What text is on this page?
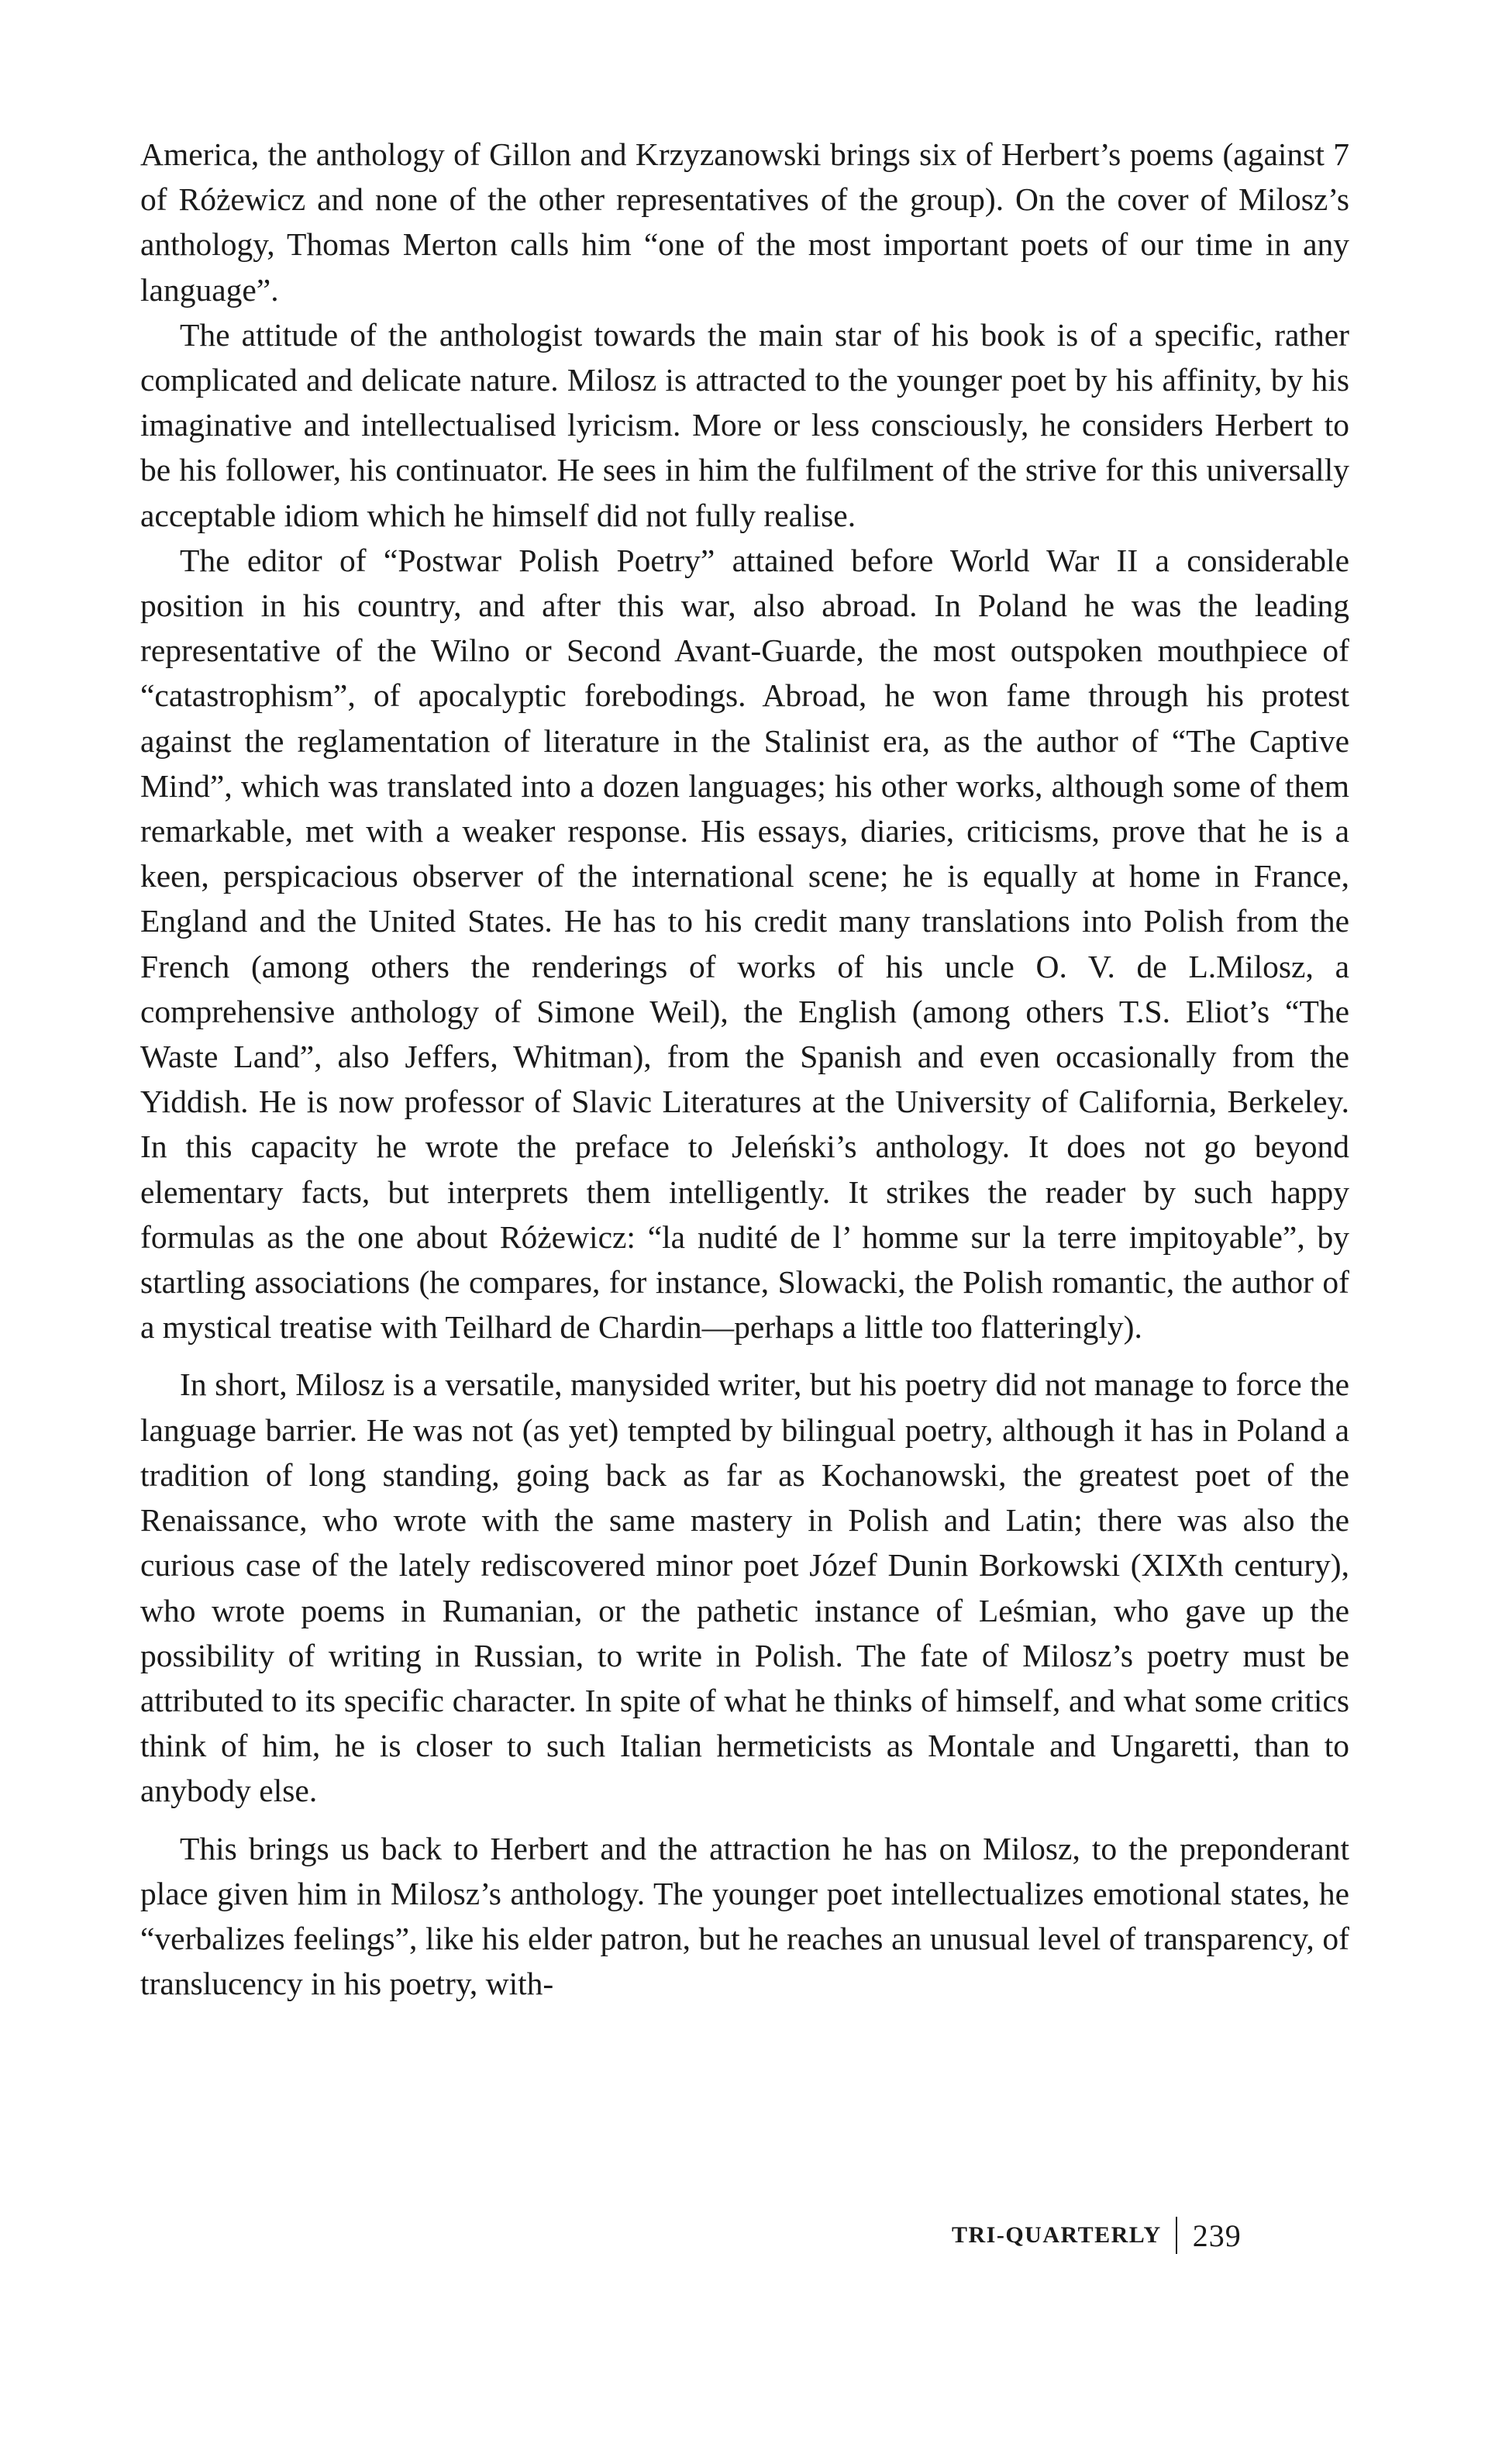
America, the anthology of Gillon and Krzyzanowski brings six of Herbert’s poems (against 7 of Różewicz and none of the other representatives of the group). On the cover of Milosz’s anthology, Thomas Merton calls him “one of the most important poets of our time in any language”.

The attitude of the anthologist towards the main star of his book is of a specific, rather complicated and delicate nature. Milosz is attracted to the younger poet by his affinity, by his imaginative and intellectualised lyricism. More or less consciously, he considers Herbert to be his follower, his continuator. He sees in him the fulfilment of the strive for this universally acceptable idiom which he himself did not fully realise.

The editor of “Postwar Polish Poetry” attained before World War II a considerable position in his country, and after this war, also abroad. In Poland he was the leading representative of the Wilno or Second Avant-Guarde, the most outspoken mouthpiece of “catastrophism”, of apocalyptic forebodings. Abroad, he won fame through his protest against the reglamentation of literature in the Stalinist era, as the author of “The Captive Mind”, which was translated into a dozen languages; his other works, although some of them remarkable, met with a weaker response. His essays, diaries, criticisms, prove that he is a keen, perspicacious observer of the international scene; he is equally at home in France, England and the United States. He has to his credit many translations into Polish from the French (among others the renderings of works of his uncle O. V. de L.Milosz, a comprehensive anthology of Simone Weil), the English (among others T.S. Eliot’s “The Waste Land”, also Jeffers, Whitman), from the Spanish and even occasionally from the Yiddish. He is now professor of Slavic Literatures at the University of California, Berkeley. In this capacity he wrote the preface to Jeleński’s anthology. It does not go beyond elementary facts, but interprets them intelligently. It strikes the reader by such happy formulas as the one about Różewicz: “la nudité de l’ homme sur la terre impitoyable”, by startling associations (he compares, for instance, Slowacki, the Polish romantic, the author of a mystical treatise with Teilhard de Chardin—perhaps a little too flatteringly).

In short, Milosz is a versatile, manysided writer, but his poetry did not manage to force the language barrier. He was not (as yet) tempted by bilingual poetry, although it has in Poland a tradition of long standing, going back as far as Kochanowski, the greatest poet of the Renaissance, who wrote with the same mastery in Polish and Latin; there was also the curious case of the lately rediscovered minor poet Józef Dunin Borkowski (XIXth century), who wrote poems in Rumanian, or the pathetic instance of Leśmian, who gave up the possibility of writing in Russian, to write in Polish. The fate of Milosz’s poetry must be attributed to its specific character. In spite of what he thinks of himself, and what some critics think of him, he is closer to such Italian hermeticists as Montale and Ungaretti, than to anybody else.

This brings us back to Herbert and the attraction he has on Milosz, to the preponderant place given him in Milosz’s anthology. The younger poet intellectualizes emotional states, he “verbalizes feelings”, like his elder patron, but he reaches an unusual level of transparency, of translucency in his poetry, with-

TRI-QUARTERLY 239
